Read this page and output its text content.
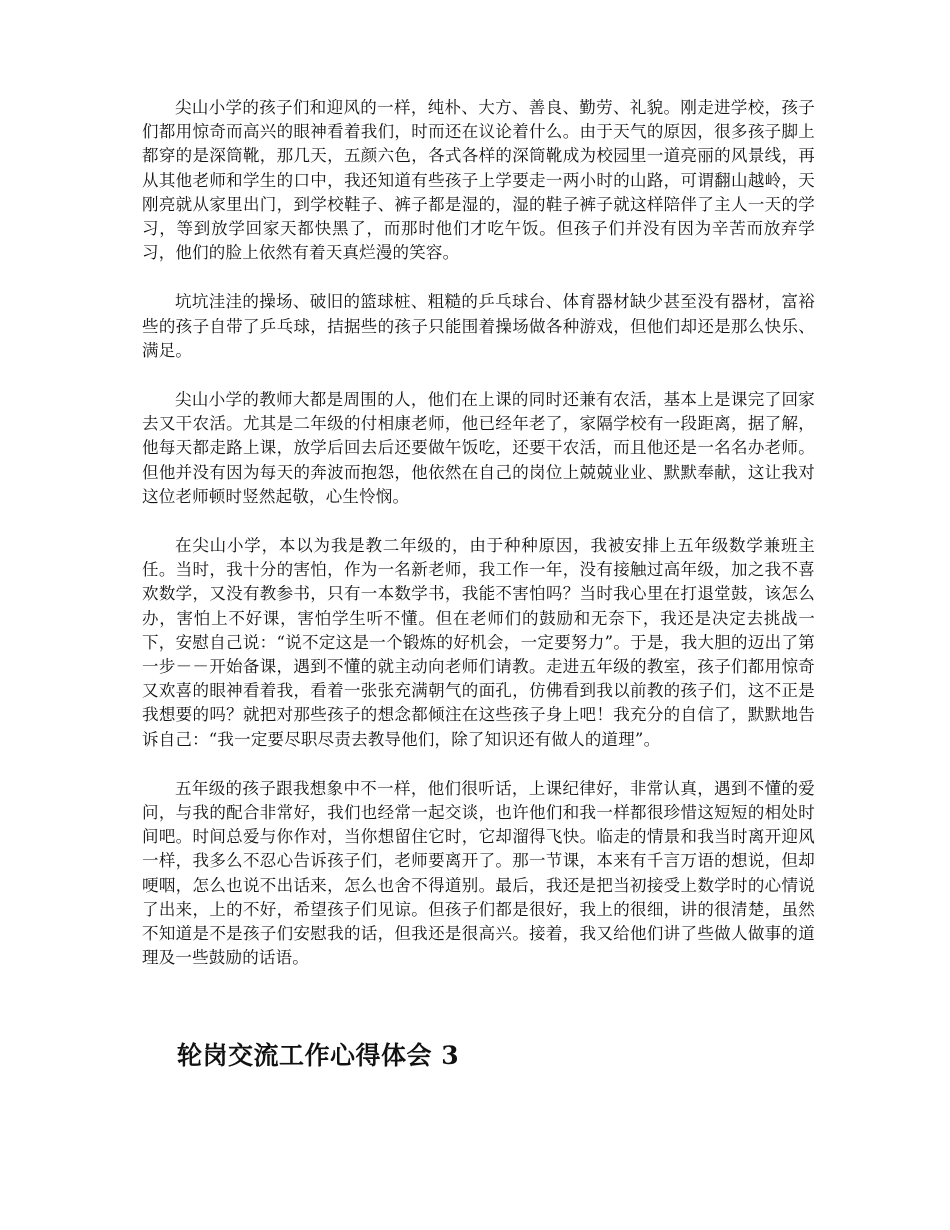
尖山小学的孩子们和迎风的一样，纯朴、大方、善良、勤劳、礼貌。刚走进学校，孩子们都用惊奇而高兴的眼神看着我们，时而还在议论着什么。由于天气的原因，很多孩子脚上都穿的是深筒靴，那几天，五颜六色，各式各样的深筒靴成为校园里一道亮丽的风景线，再从其他老师和学生的口中，我还知道有些孩子上学要走一两小时的山路，可谓翻山越岭，天刚亮就从家里出门，到学校鞋子、裤子都是湿的，湿的鞋子裤子就这样陪伴了主人一天的学习，等到放学回家天都快黑了，而那时他们才吃午饭。但孩子们并没有因为辛苦而放弃学习，他们的脸上依然有着天真烂漫的笑容。

坑坑洼洼的操场、破旧的篮球桩、粗糙的乒乓球台、体育器材缺少甚至没有器材，富裕些的孩子自带了乒乓球，拮据些的孩子只能围着操场做各种游戏，但他们却还是那么快乐、满足。

尖山小学的教师大都是周围的人，他们在上课的同时还兼有农活，基本上是课完了回家去又干农活。尤其是二年级的付相康老师，他已经年老了，家隔学校有一段距离，据了解，他每天都走路上课，放学后回去后还要做午饭吃，还要干农活，而且他还是一名名办老师。但他并没有因为每天的奔波而抱怨，他依然在自己的岗位上兢兢业业、默默奉献，这让我对这位老师顿时竖然起敬，心生怜悯。

在尖山小学，本以为我是教二年级的，由于种种原因，我被安排上五年级数学兼班主任。当时，我十分的害怕，作为一名新老师，我工作一年，没有接触过高年级，加之我不喜欢数学，又没有教参书，只有一本数学书，我能不害怕吗？当时我心里在打退堂鼓，该怎么办，害怕上不好课，害怕学生听不懂。但在老师们的鼓励和无奈下，我还是决定去挑战一下，安慰自己说：“说不定这是一个锻炼的好机会，一定要努力”。于是，我大胆的迈出了第一步－－开始备课，遇到不懂的就主动向老师们请教。走进五年级的教室，孩子们都用惊奇又欢喜的眼神看着我，看着一张张充满朝气的面孔，仿佛看到我以前教的孩子们，这不正是我想要的吗？就把对那些孩子的想念都倾注在这些孩子身上吧！我充分的自信了，默默地告诉自己：“我一定要尽职尽责去教导他们，除了知识还有做人的道理”。

五年级的孩子跟我想象中不一样，他们很听话，上课纪律好，非常认真，遇到不懂的爱问，与我的配合非常好，我们也经常一起交谈，也许他们和我一样都很珍惜这短短的相处时间吧。时间总爱与你作对，当你想留住它时，它却溜得飞快。临走的情景和我当时离开迎风一样，我多么不忍心告诉孩子们，老师要离开了。那一节课，本来有千言万语的想说，但却哽咽，怎么也说不出话来，怎么也舍不得道别。最后，我还是把当初接受上数学时的心情说了出来，上的不好，希望孩子们见谅。但孩子们都是很好，我上的很细，讲的很清楚，虽然不知道是不是孩子们安慰我的话，但我还是很高兴。接着，我又给他们讲了些做人做事的道理及一些鼓励的话语。

轮岗交流工作心得体会 3
